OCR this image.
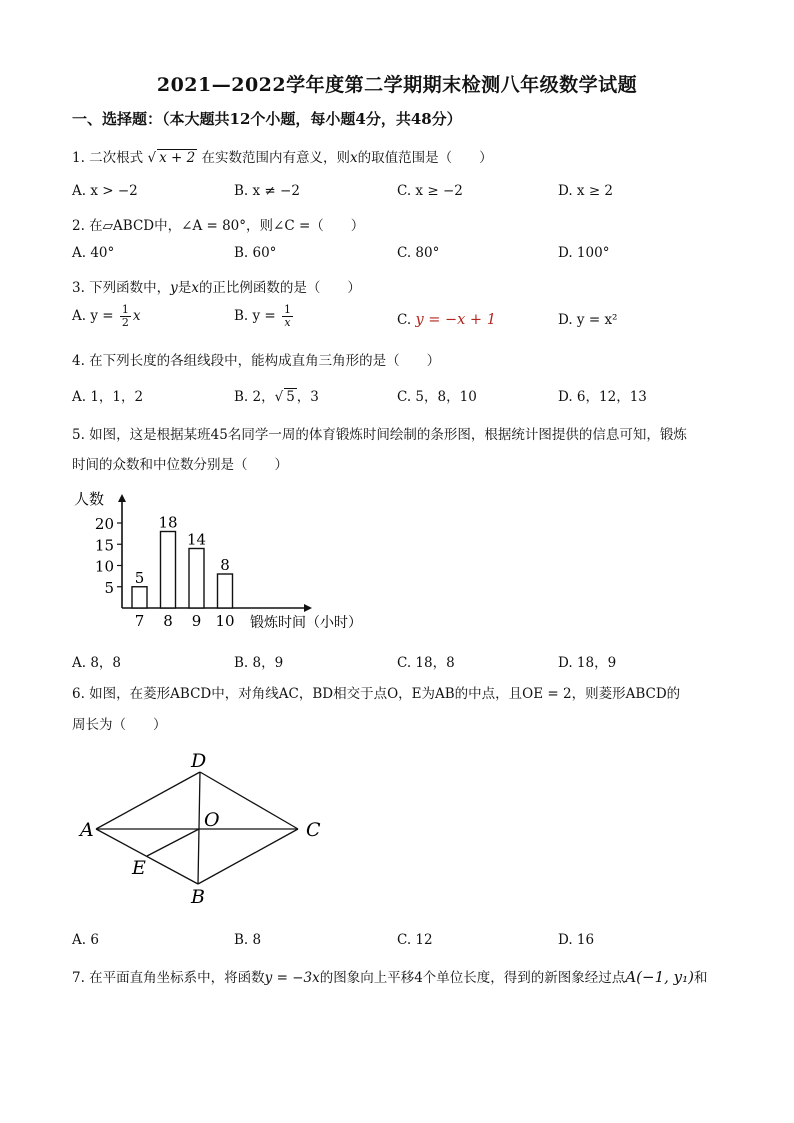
2021—2022学年度第二学期期末检测八年级数学试题
一、选择题：（本大题共12个小题，每小题4分，共48分）
1. 二次根式 √ x + 2 在实数范围内有意义，则x的取值范围是（　　）
A. x > −2	B. x ≠ −2	C. x ≥ −2	D. x ≥ 2
2. 在▱ABCD中，∠A = 80°，则∠C =（　　）
A. 40°	B. 60°	C. 80°	D. 100°
3. 下列函数中，y是x的正比例函数的是（　　）
A. $y = \frac{1}{2}$ x	B. $y = \frac{1}{x}$	C. y = −x + 1	D. y = x²
4. 在下列长度的各组线段中，能构成直角三角形的是（　　）
A. 1，1，2	B. 2，√ 5 ，3	C. 5，8，10	D. 6，12，13
5. 如图，这是根据某班45名同学一周的体育锻炼时间绘制的条形图，根据统计图提供的信息可知，锻炼
时间的众数和中位数分别是（　　）
人数
锻炼时间（小时）
5
10
15
20
5
7
18
8
14
9
8
10
A. 8，8	B. 8，9	C. 18，8	D. 18，9
6. 如图，在菱形ABCD中，对角线AC，BD相交于点O，E为AB的中点，且OE = 2，则菱形ABCD的
周长为（　　）
A
D
C
B
O
E
A. 6	B. 8	C. 12	D. 16
7. 在平面直角坐标系中，将函数y = −3x的图象向上平移4个单位长度，得到的新图象经过点A(−1, y₁)和
